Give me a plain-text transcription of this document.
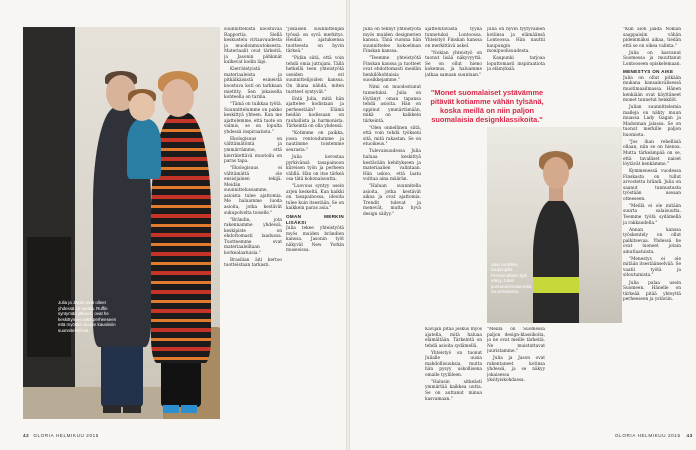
Julia ja Jason ovat olleet yhdessä 15 vuotta. Ruffin syntymän jälkeen, ovat he keskittyneet sekä perheeseen että myöskin luoviin kauniisiin suunnitelmiinsa.

suunnittelusta koostuvaa Rapportia. Siellä keskustelu virtaavuudesta ja muodonmuutoksesta. Materiaalit ovat tärkeitä, ja Jasonin pähkinät kulkevat kodin läpi.

Kierrätetyistä materiaaleista ja pitkäikäisistä esineistä koostuva koti on tarkkaan mietitty. Sen jokaisella kohteella on tarina.

"Tämä on tuikkaa työtä. Suunnittelumme on pakko keskittyä yhteen. Kun me ajattelemme, että tuote on valmis, se on lopulta yhdessä inspiraatiota."

Ekologisuus on välttämätöntä ja ymmärrämme, että kierrätettävä muotoilu on paras tapa.

"Ekologisuus ei välttämättä ole ensisijainen tekijä. Meidän suunnittelussamme, asioista tulee ajattomia. Me haluamme luoda asioita, jotka kestävät sukupolvelta toiselle."

"Brändin, jota rakennamme yhdessä, keskipiste on ehdottomasti laadussa. Tuotteemme ovat materiaaleiltaan korkealaatuisia."

Brasilian äiti kertoo tuotteistaan tarkasti.

"Jokaisen suunnittelijan työssä on syvä merkitys. Heidän ajatuksensa tuotteesta on hyvin tärkeä."

"Pidän siitä, että voin tehdä omia juttujani. Tällä hetkellä teen yhteistyötä useiden eri suunnittelijoiden kanssa. On ihana nähdä, miten tuotteet syntyvät."

Entä Julia, mitä hän ajattelee kodistaan ja perheestään? Elämä heidän kodissaan on rauhallista ja harmonista. Tärkeintä on olla yhdessä.

"Kotimme on paikka, jossa rentoudumme ja nautimme toistemme seurasta."

Julia korostaa pyrkivänsä tasapainoon kiireisen työn ja perheen välillä. Hän on itse tärkeä osa tätä kokonaisuutta.

"Luovuus syntyy usein arjen keskeltä. Kun kaikki on tasapainossa, ideoita tulee kuin itsestään. Se on kaikkein paras asia."

OMAN MERKIN LISÄKSI

Julia tekee yhteistyötä myös muiden brändien kanssa. Jasonin työt näkyvät New Yorkin museoissa.

42 GLORIA HELMIKUU 2015

Julia on tehnyt yhteistyötä myös muiden designerien kanssa. Tänä vuonna hän suunnittelee kokoelman Finskan kanssa.

"Teemme yhteistyötä Finskan kanssa ja tuotteet ovat ehdottomasti meidän henkilökohtaisia suosikkejamme."

Nimi on muodostunut tunnetuksi. Julia on löytänyt oman tapansa tehdä asioita. Hän on oppinut ymmärtämään, mikä on kaikkein tärkeintä.

"Olen onnellinen siitä, että voin tehdä työkseni sitä, mitä rakastan. Se on etuoikeus."

Tulevaisuudessa Julia haluaa keskittyä kestävään kehitykseen ja materiaalien valintaan. Hän uskoo, että laatu voittaa aina määrän.

"Haluan suunnitella asioita, jotka kestävät aikaa ja ovat ajattomia. Trendit tulevat ja menevät, mutta hyvä design säilyy."

ajattelutavasta tyyliä tunnetuksi Lontoossa. Yhteistyö Finskan kanssa on merkittävä askel.

"Nokian yhteistyö on tuonut lisää näkyvyyttä. Se on ollut hieno kokemus, ja haluamme jatkaa samaan suuntaan."

Julia on hyvin tyytyväinen kotiinsa ja elämäänsä Lontoossa. Hän nauttii kaupungin monipuolisuudesta.

Kaupunki tarjoaa loputtomasti inspiraatiota ja elämyksiä.

"Monet suomalaiset ystävämme pitävät kotiamme vähän tylsänä, koska meillä on niin paljon suomalaisia designklassikoita."
Julia Lundsten kaupungilla. Persoonallinen tyyli näkyy Julian pukeutumisessa sekä suunnittelussa.

Kävijän pitää joskus myös ajatella, mitä haluaa elämältään. Tärkeintä on tehdä asioita sydämellä.

Yhteistyö on tuonut Julialle uusia mahdollisuuksia, mutta hän pysyy uskollisena omalle tyylilleen.

"Halusin sitkeästi ymmärtää kaikkea uutta. Se on auttanut minua kasvamaan."

"Meillä on Suomessa paljon design-klassikoita, ja ne ovat meille tärkeitä. Ne muistuttavat juuristamme."

Julia ja Jason ovat rakentaneet kotinsa yhdessä, ja se näkyy jokaisessa yksityiskohdassa.

"Kun aion jäädä Nokian saappaisiin vähän pidemmäksi aikaa, tiedän että se on oikea valinta."

Julia on kasvanut Suomessa ja muuttanut Lontooseen opiskelemaan.

MENESTYS ON AIKE

Julia on ollut pitkään mukana kansainvälisessä muotimaailmassa. Hänen kenkiään ovat käyttäneet monet tunnetut henkilöt.

Julian suunnittelemia malleja on nähty muun muassa Lady Gagan ja Madonnan jalassa. Se on tuonut merkille paljon huomiota.

"Jos ihan rehellisiä ollaan, niin se on hienoa. Mutta tärkeämpää on se, että tavalliset naiset löytävät kenkämme."

Kymmenessä vuodessa Finskasta on tullut arvostettu brändi. Julia on saanut tunnustusta työstään useaan otteeseen.

"Meillä ei ole mitään suurta salaisuutta. Teemme työtä sydämellä ja rakkaudella."

Annan kanssa työskentely on ollut palkitsevaa. Yhdessä he ovat luoneet jotain ainutlaatuista.

"Menestys ei ole mitään itsestäänselvää. Se vaatii työtä ja sitoutumista."

Julia palaa usein Suomeen. Hänelle on tärkeää pitää yhteyttä perheeseen ja ystäviin.

GLORIA HELMIKUU 2015 43
